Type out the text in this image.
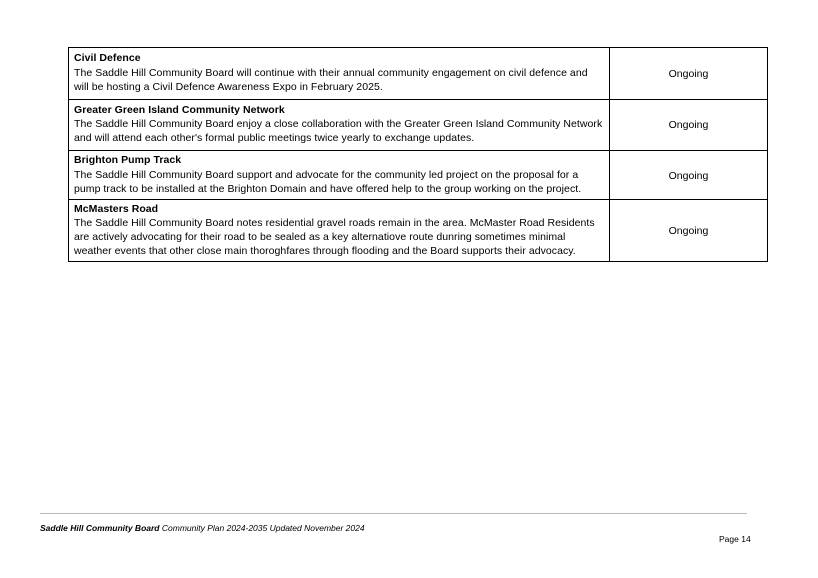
Civil Defence

The Saddle Hill Community Board will continue with their annual community engagement on civil defence and will be hosting a Civil Defence Awareness Expo in February 2025.	Ongoing

Greater Green Island Community Network

The Saddle Hill Community Board enjoy a close collaboration with the Greater Green Island Community Network and will attend each other's formal public meetings twice yearly to exchange updates.	Ongoing

Brighton Pump Track

The Saddle Hill Community Board support and advocate for the community led project on the proposal for a pump track to be installed at the Brighton Domain and have offered help to the group working on the project.	Ongoing

McMasters Road

The Saddle Hill Community Board notes residential gravel roads remain in the area. McMaster Road Residents are actively advocating for their road to be sealed as a key alternatiove route dunring sometimes minimal weather events that other close main thoroghfares through flooding and the Board supports their advocacy.	Ongoing
Saddle Hill Community Board Community Plan 2024-2035 Updated November 2024
Page 14
